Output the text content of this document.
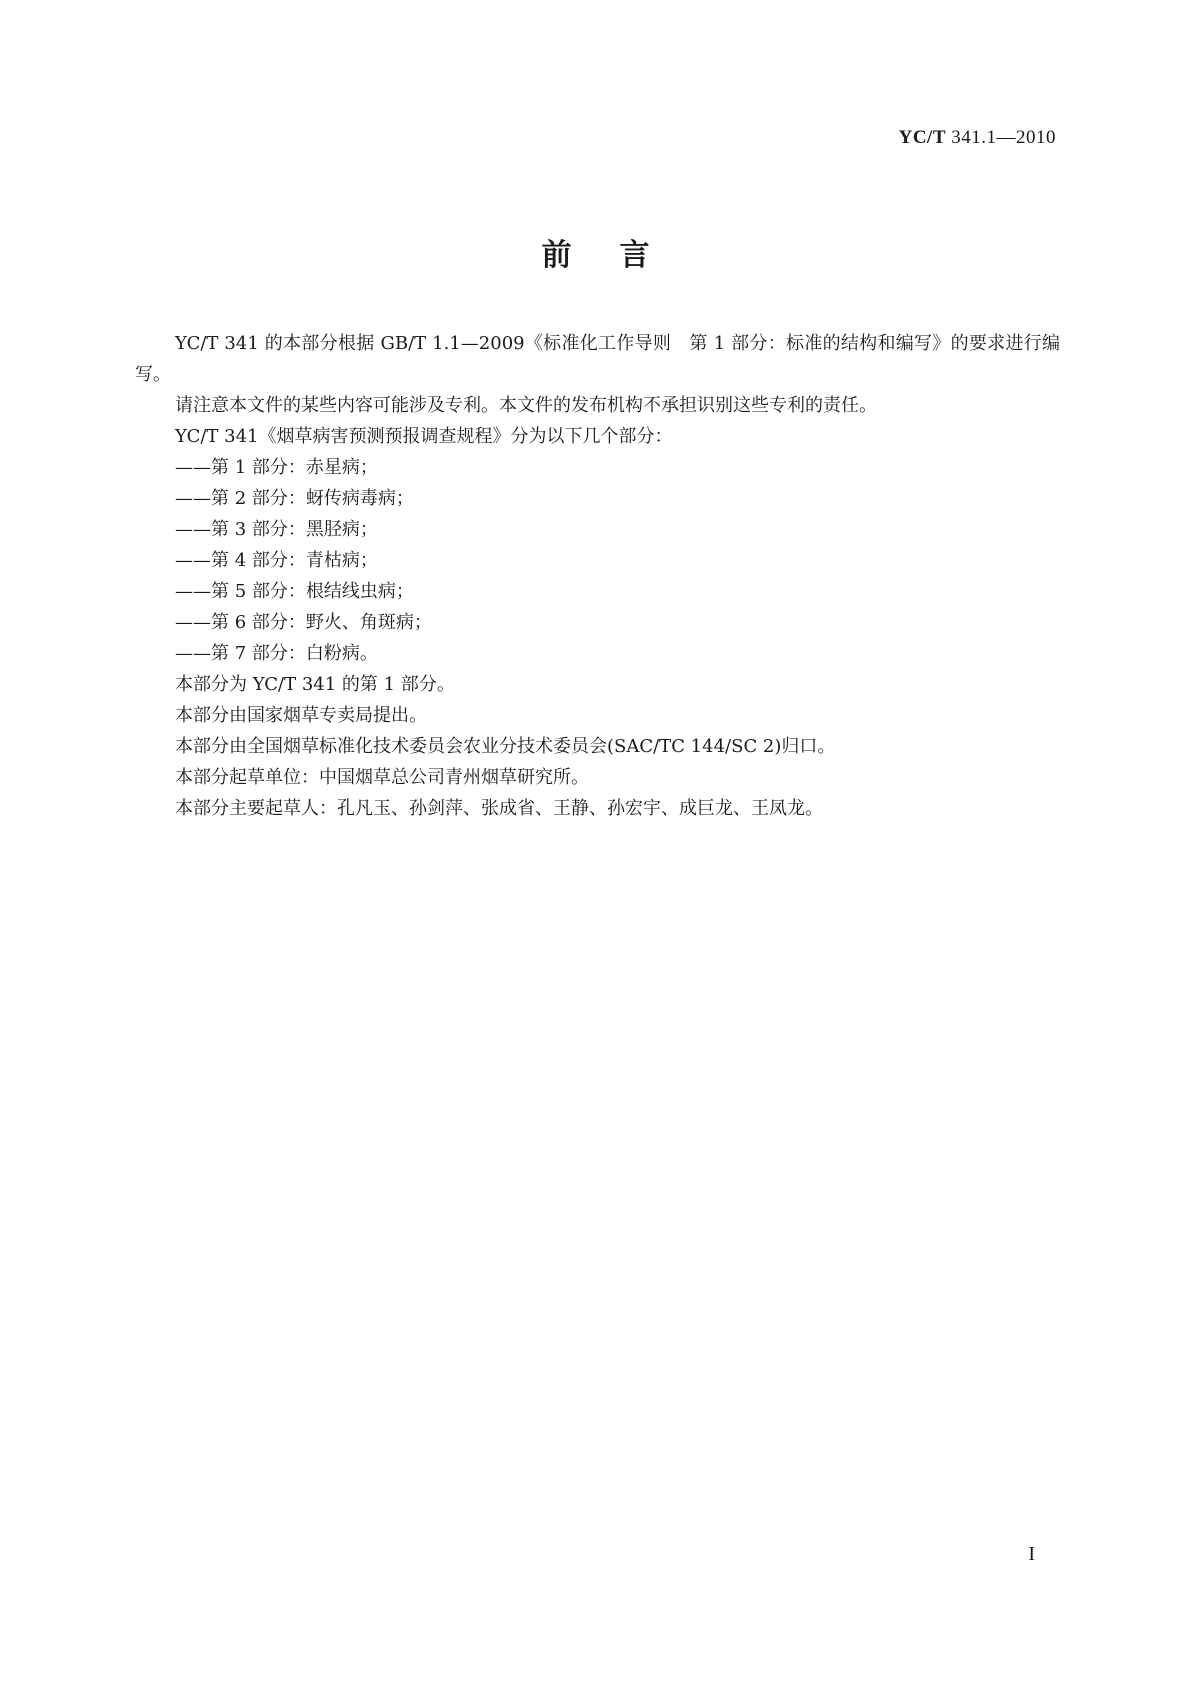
YC/T 341.1—2010
前言

YC/T 341 的本部分根据 GB/T 1.1—2009《标准化工作导则　第 1 部分：标准的结构和编写》的要求进行编写。

请注意本文件的某些内容可能涉及专利。本文件的发布机构不承担识别这些专利的责任。

YC/T 341《烟草病害预测预报调查规程》分为以下几个部分：

——第 1 部分：赤星病；

——第 2 部分：蚜传病毒病；

——第 3 部分：黑胫病；

——第 4 部分：青枯病；

——第 5 部分：根结线虫病；

——第 6 部分：野火、角斑病；

——第 7 部分：白粉病。

本部分为 YC/T 341 的第 1 部分。

本部分由国家烟草专卖局提出。

本部分由全国烟草标准化技术委员会农业分技术委员会(SAC/TC 144/SC 2)归口。

本部分起草单位：中国烟草总公司青州烟草研究所。

本部分主要起草人：孔凡玉、孙剑萍、张成省、王静、孙宏宇、成巨龙、王凤龙。

I
